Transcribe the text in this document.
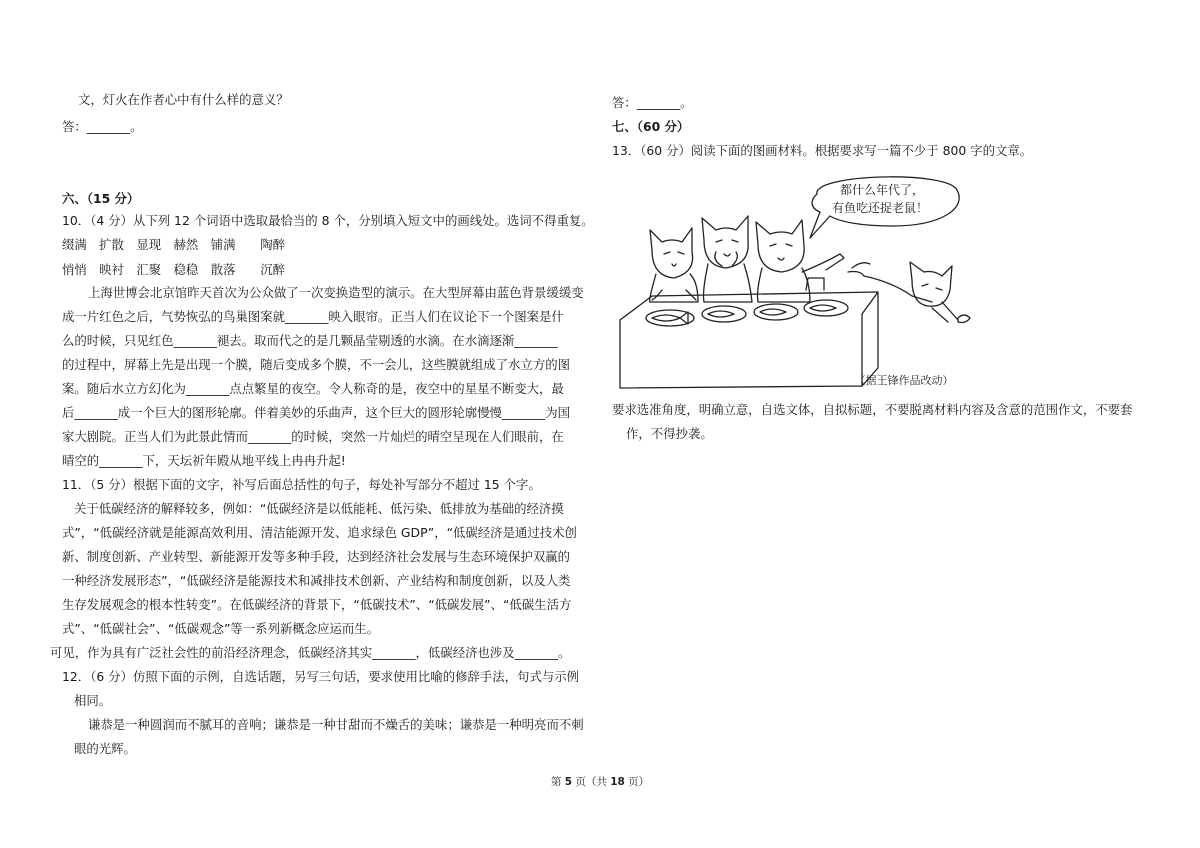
文，灯火在作者心中有什么样的意义？
答：_______。
六、（15 分）
10．（4 分）从下列 12 个词语中选取最恰当的 8 个，分别填入短文中的画线处。选词不得重复。
缀满　扩散　显现　赫然　铺满　　陶醉
悄悄　映衬　汇聚　稳稳　散落　　沉醉
上海世博会北京馆昨天首次为公众做了一次变换造型的演示。在大型屏幕由蓝色背景缓缓变
成一片红色之后，气势恢弘的鸟巢图案就_______映入眼帘。正当人们在议论下一个图案是什
么的时候，只见红色_______褪去。取而代之的是几颗晶莹剔透的水滴。在水滴逐渐_______
的过程中，屏幕上先是出现一个膜，随后变成多个膜，不一会儿，这些膜就组成了水立方的图
案。随后水立方幻化为_______点点繁星的夜空。令人称奇的是，夜空中的星星不断变大，最
后_______成一个巨大的图形轮廓。伴着美妙的乐曲声，这个巨大的圆形轮廓慢慢_______为国
家大剧院。正当人们为此景此情而_______的时候，突然一片灿烂的晴空呈现在人们眼前，在
晴空的_______下，天坛祈年殿从地平线上冉冉升起!
11．（5 分）根据下面的文字，补写后面总括性的句子，每处补写部分不超过 15 个字。
关于低碳经济的解释较多，例如：“低碳经济是以低能耗、低污染、低排放为基础的经济摸
式”，“低碳经济就是能源高效利用、清洁能源开发、追求绿色 GDP”，“低碳经济是通过技术创
新、制度创新、产业转型、新能源开发等多种手段，达到经济社会发展与生态环境保护双赢的
一种经济发展形态”，“低碳经济是能源技术和减排技术创新、产业结构和制度创新，以及人类
生存发展观念的根本性转变”。在低碳经济的背景下，“低碳技术”、“低碳发展”、“低碳生活方
式”、“低碳社会”、“低碳观念”等一系列新概念应运而生。
可见，作为具有广泛社会性的前沿经济理念，低碳经济其实_______，低碳经济也涉及_______。
12．（6 分）仿照下面的示例，自选话题，另写三句话，要求使用比喻的修辞手法，句式与示例
相同。
谦恭是一种圆润而不腻耳的音响；谦恭是一种甘甜而不燥舌的美味；谦恭是一种明亮而不刺
眼的光辉。
答：_______。
七、（60 分）
13．（60 分）阅读下面的图画材料。根据要求写一篇不少于 800 字的文章。
要求选准角度，明确立意，自选文体，自拟标题，不要脱离材料内容及含意的范围作文，不要套
作，不得抄袭。
都什么年代了，
有鱼吃还捉老鼠！
（据王锋作品改动）
第 5 页（共 18 页）
